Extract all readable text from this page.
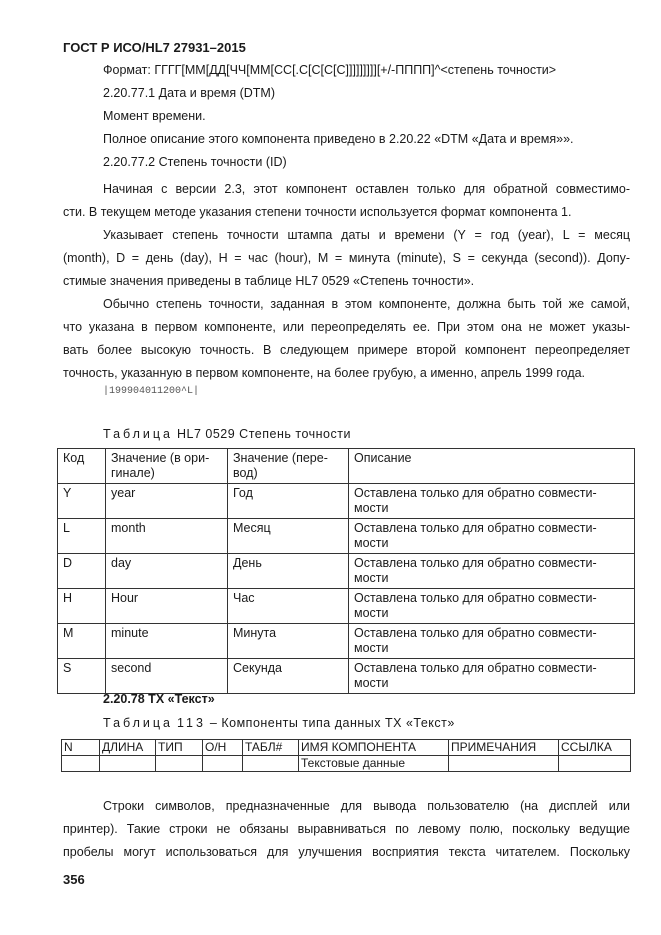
ГОСТ Р ИСО/HL7 27931–2015
Формат: ГГГГ[ММ[ДД[ЧЧ[ММ[СС[.С[С[С[С]]]]]]]]][+/-ПППП]^<степень точности>
2.20.77.1 Дата и время (DTM)
Момент времени.
Полное описание этого компонента приведено в 2.20.22 «DTM «Дата и время»».
2.20.77.2 Степень точности (ID)
Начиная с версии 2.3, этот компонент оставлен только для обратной совместимо-
сти. В текущем методе указания степени точности используется формат компонента 1.
Указывает степень точности штампа даты и времени (Y = год (year), L = месяц
(month), D = день (day), H = час (hour), M = минута (minute), S = секунда (second)). Допу-
стимые значения приведены в таблице HL7 0529 «Степень точности».
Обычно степень точности, заданная в этом компоненте, должна быть той же самой,
что указана в первом компоненте, или переопределять ее. При этом она не может указы-
вать более высокую точность. В следующем примере второй компонент переопределяет
точность, указанную в первом компоненте, на более грубую, а именно, апрель 1999 года.
|199904011200^L|
Таблица HL7 0529 Степень точности
Код	Значение (в ори-
гинале)	Значение (пере-
вод)	Описание
Y	year	Год	Оставлена только для обратно совмести-
мости
L	month	Месяц	Оставлена только для обратно совмести-
мости
D	day	День	Оставлена только для обратно совмести-
мости
H	Hour	Час	Оставлена только для обратно совмести-
мости
M	minute	Минута	Оставлена только для обратно совмести-
мости
S	second	Секунда	Оставлена только для обратно совмести-
мости
2.20.78 ТХ «Текст»
Таблица 113 – Компоненты типа данных ТХ «Текст»
N	ДЛИНА	ТИП	О/Н	ТАБЛ#	ИМЯ КОМПОНЕНТА	ПРИМЕЧАНИЯ	ССЫЛКА
					Текстовые данные		
Строки символов, предназначенные для вывода пользователю (на дисплей или
принтер). Такие строки не обязаны выравниваться по левому полю, поскольку ведущие
пробелы могут использоваться для улучшения восприятия текста читателем. Поскольку
356
